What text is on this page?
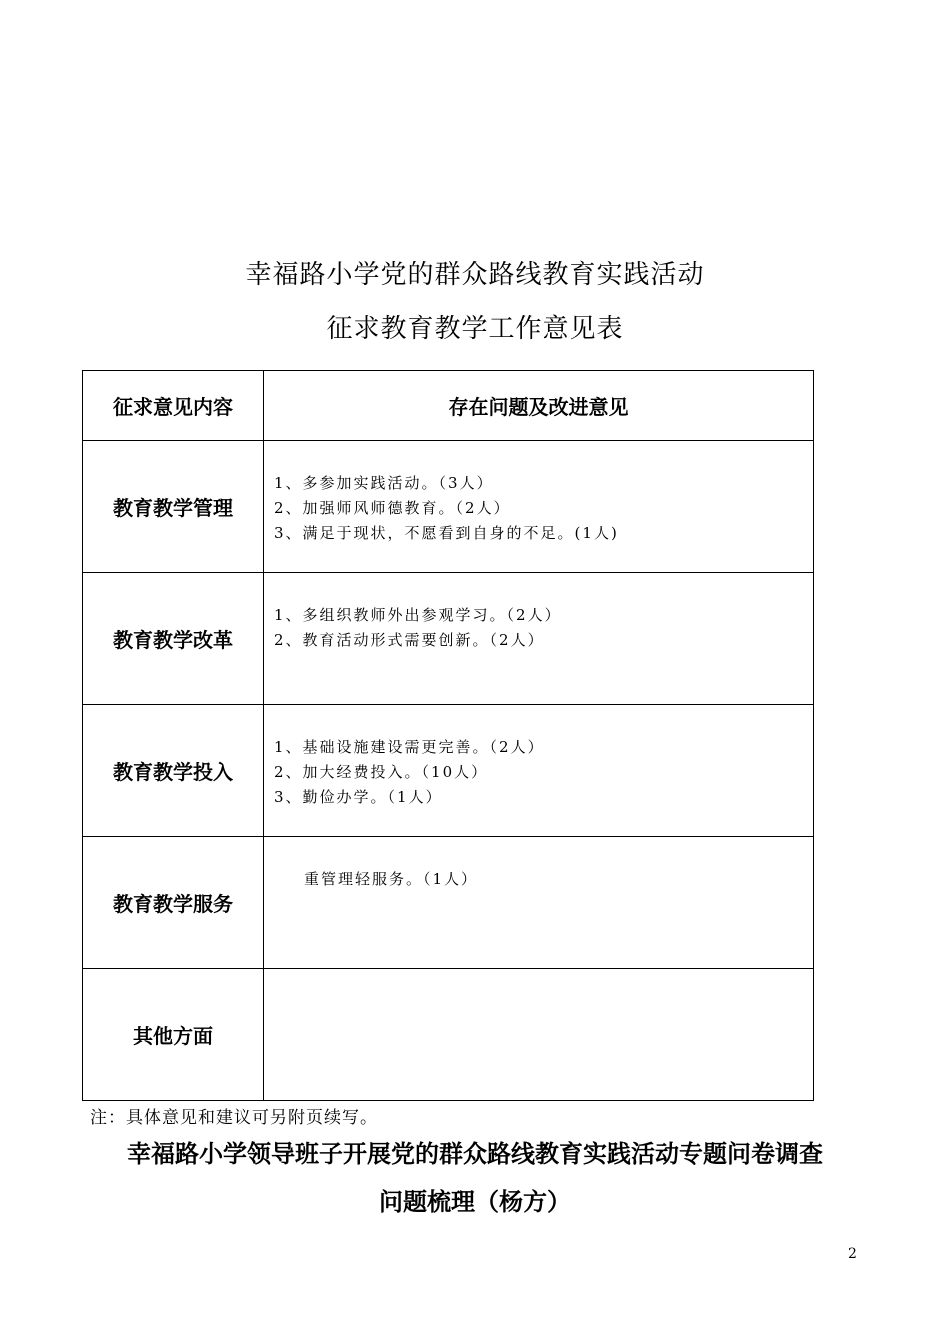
幸福路小学党的群众路线教育实践活动
征求教育教学工作意见表
征求意见内容	存在问题及改进意见
教育教学管理	1、多参加实践活动。（3人）
2、加强师风师德教育。（2人）
3、满足于现状，不愿看到自身的不足。(1人)

教育教学改革	1、多组织教师外出参观学习。（2人）
2、教育活动形式需要创新。（2人）

教育教学投入	1、基础设施建设需更完善。（2人）
2、加大经费投入。（10人）
3、勤俭办学。（1人）

教育教学服务	重管理轻服务。（1人）

其他方面	
注：具体意见和建议可另附页续写。
幸福路小学领导班子开展党的群众路线教育实践活动专题问卷调查
问题梳理（杨方）
2
